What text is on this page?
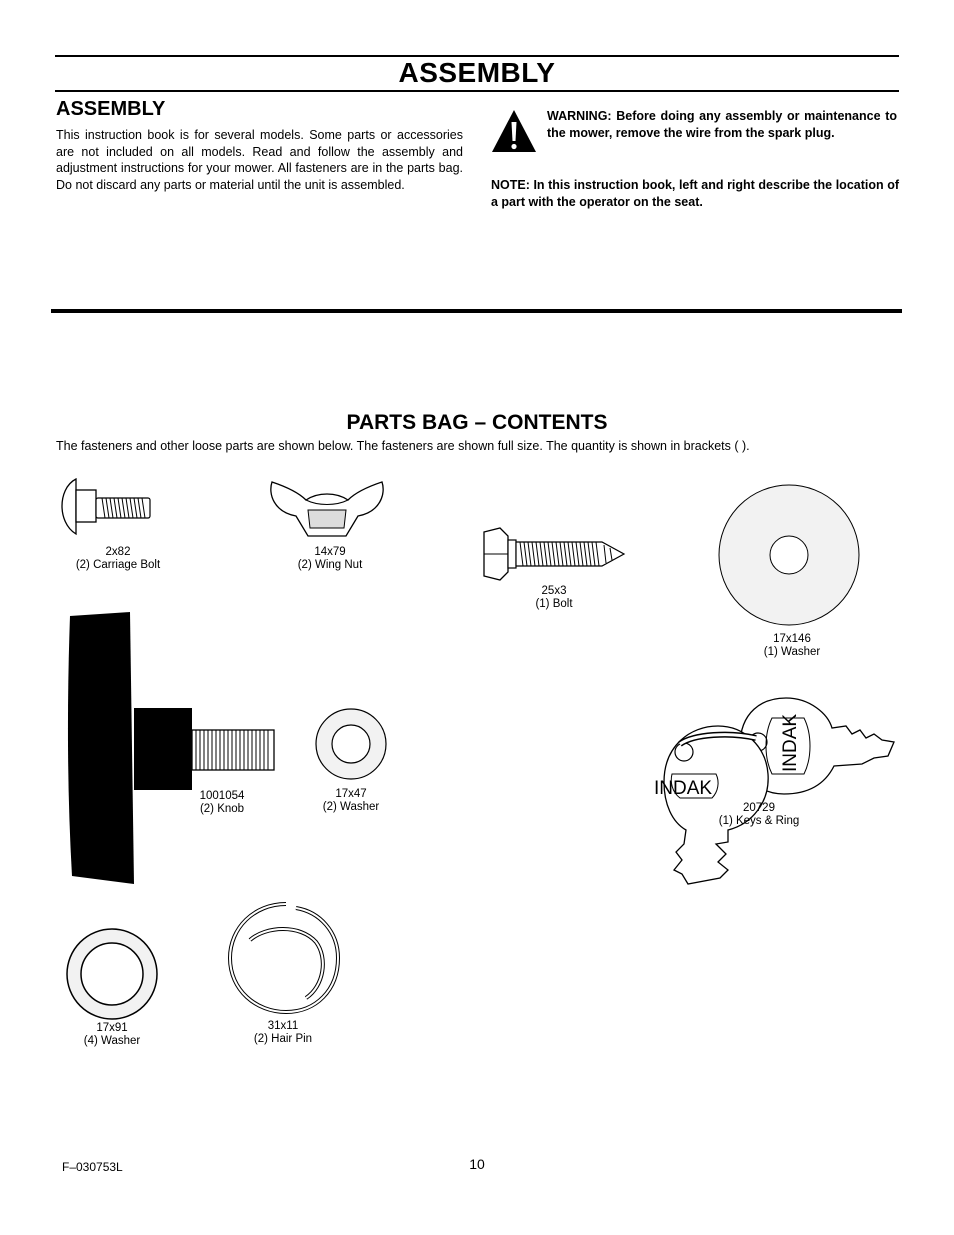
ASSEMBLY
ASSEMBLY
This instruction book is for several models. Some parts or accessories are not included on all models. Read and follow the assembly and adjustment instructions for your mower. All fasteners are in the parts bag. Do not discard any parts or material until the unit is assembled.
WARNING: Before doing any assembly or maintenance to the mower, remove the wire from the spark plug.
NOTE: In this instruction book, left and right describe the location of a part with the operator on the seat.
PARTS BAG – CONTENTS
The fasteners and other loose parts are shown below. The fasteners are shown full size. The quantity is shown in brackets ( ).
2x82
(2) Carriage Bolt
14x79
(2) Wing Nut
25x3
(1) Bolt
17x146
(1) Washer
1001054
(2) Knob
17x47
(2) Washer
INDAK
INDAK
20729
(1) Keys & Ring
17x91
(4) Washer
31x11
(2) Hair Pin
F–030753L	10
